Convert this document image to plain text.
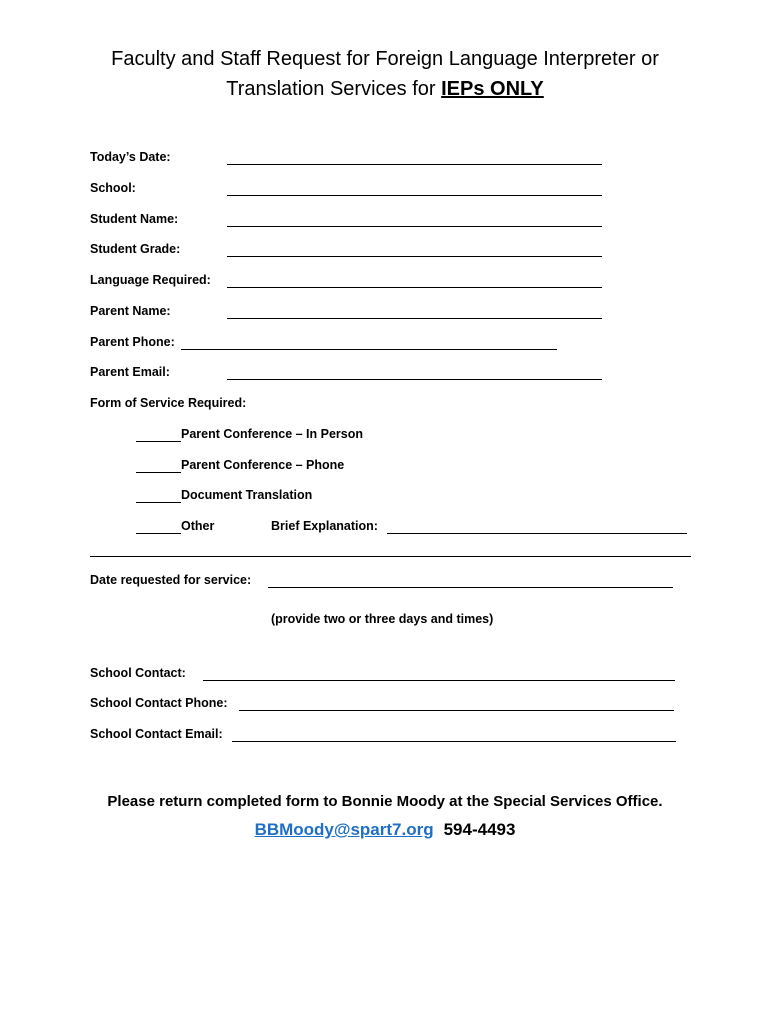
Faculty and Staff Request for Foreign Language Interpreter or
Translation Services for IEPs ONLY
Today’s Date:
School:
Student Name:
Student Grade:
Language Required:
Parent Name:
Parent Phone:
Parent Email:
Form of Service Required:
Parent Conference – In Person
Parent Conference – Phone
Document Translation
Other	Brief Explanation:
Date requested for service:
(provide two or three days and times)
School Contact:
School Contact Phone:
School Contact Email:
Please return completed form to Bonnie Moody at the Special Services Office.
BBMoody@spart7.org 594-4493
